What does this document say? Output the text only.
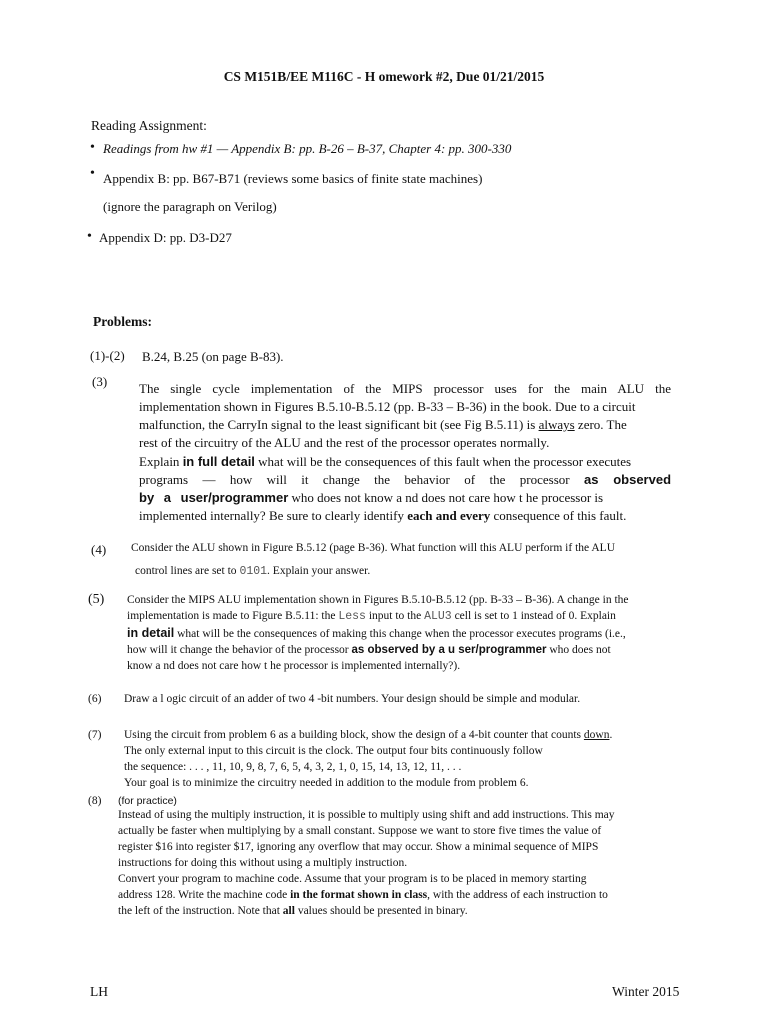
CS M151B/EE M116C - H omework #2, Due 01/21/2015
Reading Assignment:
• Readings from hw #1 — Appendix B: pp. B-26 – B-37, Chapter 4: pp. 300-330
• Appendix B: pp. B67-B71 (reviews some basics of finite state machines)
(ignore the paragraph on Verilog)
• Appendix D: pp. D3-D27
Problems:
(1)-(2) B.24, B.25 (on page B-83).
(3) The single cycle implementation of the MIPS processor uses for the main ALU the
implementation shown in Figures B.5.10-B.5.12 (pp. B-33 – B-36) in the book. Due to a circuit
malfunction, the CarryIn signal to the least significant bit (see Fig B.5.11) is always zero. The
rest of the circuitry of the ALU and the rest of the processor operates normally.
Explain in full detail what will be the consequences of this fault when the processor executes
programs — how will it change the behavior of the processor as observed
by a user/programmer who does not know a nd does not care how t he processor is
implemented internally? Be sure to clearly identify each and every consequence of this fault.
(4) Consider the ALU shown in Figure B.5.12 (page B-36). What function will this ALU perform if the ALU
control lines are set to 0101. Explain your answer.
(5) Consider the MIPS ALU implementation shown in Figures B.5.10-B.5.12 (pp. B-33 – B-36). A change in the
implementation is made to Figure B.5.11: the Less input to the ALU3 cell is set to 1 instead of 0. Explain
in detail what will be the consequences of making this change when the processor executes programs (i.e.,
how will it change the behavior of the processor as observed by a u ser/programmer who does not
know a nd does not care how t he processor is implemented internally?).
(6) Draw a l ogic circuit of an adder of two 4 -bit numbers. Your design should be simple and modular.
(7) Using the circuit from problem 6 as a building block, show the design of a 4-bit counter that counts down.
The only external input to this circuit is the clock. The output four bits continuously follow
the sequence: . . . , 11, 10, 9, 8, 7, 6, 5, 4, 3, 2, 1, 0, 15, 14, 13, 12, 11, . . .
Your goal is to minimize the circuitry needed in addition to the module from problem 6.
(8) (for practice)
Instead of using the multiply instruction, it is possible to multiply using shift and add instructions. This may
actually be faster when multiplying by a small constant. Suppose we want to store five times the value of
register $16 into register $17, ignoring any overflow that may occur. Show a minimal sequence of MIPS
instructions for doing this without using a multiply instruction.
Convert your program to machine code. Assume that your program is to be placed in memory starting
address 128. Write the machine code in the format shown in class, with the address of each instruction to
the left of the instruction. Note that all values should be presented in binary.
LH	Winter 2015
